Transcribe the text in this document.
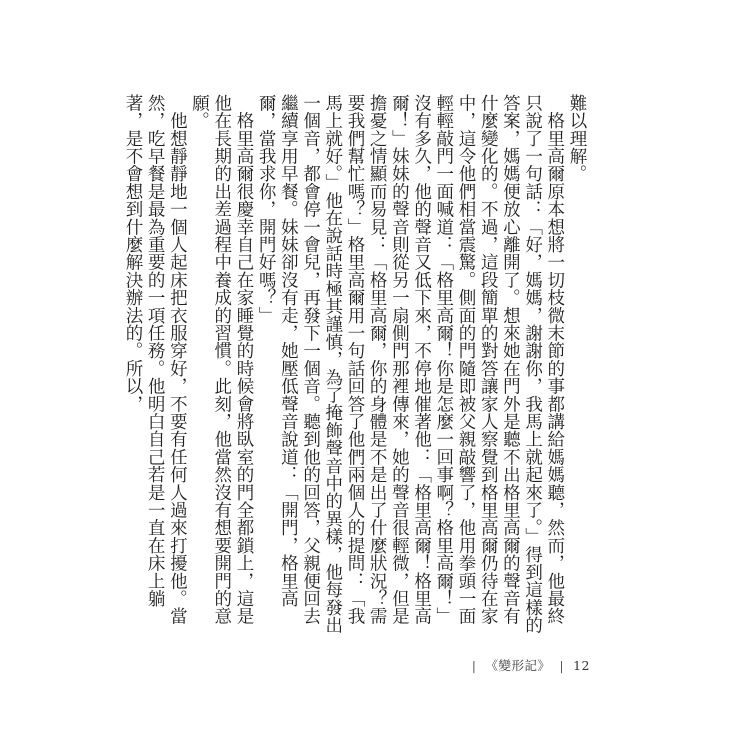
難以理解。

　格里高爾原本想將一切枝微末節的事都講給媽媽聽，然而，他最終只說了一句話：「好，媽媽，謝謝你，我馬上就起來了。」得到這樣的答案，媽媽便放心離開了。想來她在門外是聽不出格里高爾的聲音有什麼變化的。不過，這段簡單的對答讓家人察覺到格里高爾仍待在家中，這令他們相當震驚。側面的門隨即被父親敲響了，他用拳頭一面輕輕敲門一面喊道：「格里高爾！你是怎麼一回事啊？格里高爾！」沒有多久，他的聲音又低下來，不停地催著他：「格里高爾！格里高爾！」妹妹的聲音則從另一扇側門那裡傳來，她的聲音很輕微，但是擔憂之情顯而易見：「格里高爾，你的身體是不是出了什麼狀況？需要我們幫忙嗎？」格里高爾用一句話回答了他們兩個人的提問：「我馬上就好。」他在說話時極其謹慎，為了掩飾聲音中的異樣，他每發出一個音，都會停一會兒，再發下一個音。聽到他的回答，父親便回去繼續享用早餐。妹妹卻沒有走，她壓低聲音說道：「開門，格里高爾，當我求你，開門好嗎？」

　格里高爾很慶幸自己在家睡覺的時候會將臥室的門全都鎖上，這是他在長期的出差過程中養成的習慣。此刻，他當然沒有想要開門的意願。

　他想靜靜地一個人起床把衣服穿好，不要有任何人過來打擾他。當然，吃早餐是最為重要的一項任務。他明白自己若是一直在床上躺著，是不會想到什麼解決辦法的。所以，

| 《變形記》 | 12
